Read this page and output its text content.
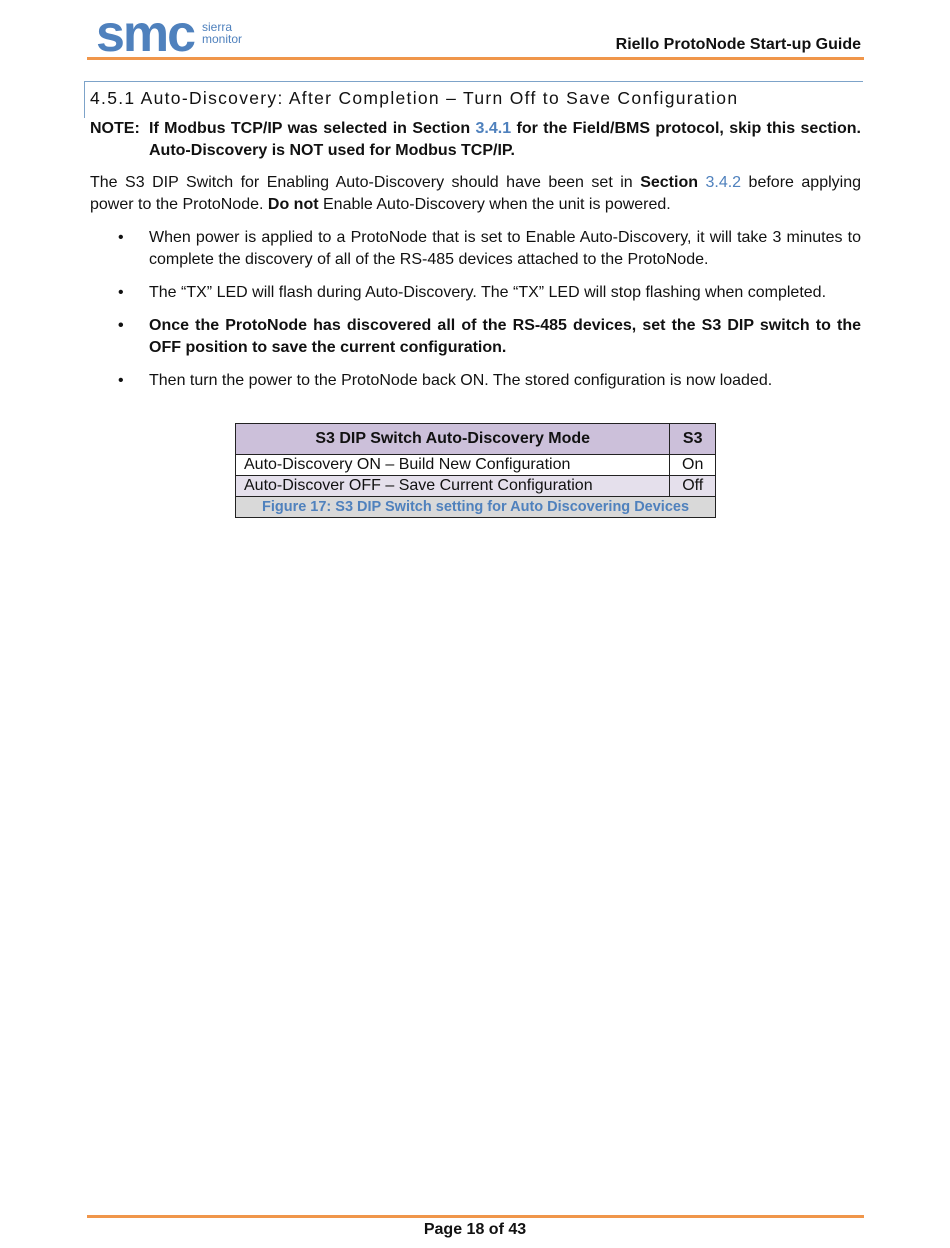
smc sierra
monitor	Riello ProtoNode Start-up Guide
4.5.1 Auto-Discovery: After Completion – Turn Off to Save Configuration
NOTE: If Modbus TCP/IP was selected in Section 3.4.1 for the Field/BMS protocol, skip this section. Auto-Discovery is NOT used for Modbus TCP/IP.
The S3 DIP Switch for Enabling Auto-Discovery should have been set in Section 3.4.2 before applying power to the ProtoNode. Do not Enable Auto-Discovery when the unit is powered.
• When power is applied to a ProtoNode that is set to Enable Auto-Discovery, it will take 3 minutes to complete the discovery of all of the RS-485 devices attached to the ProtoNode.
• The “TX” LED will flash during Auto-Discovery. The “TX” LED will stop flashing when completed.
• Once the ProtoNode has discovered all of the RS-485 devices, set the S3 DIP switch to the OFF position to save the current configuration.
• Then turn the power to the ProtoNode back ON. The stored configuration is now loaded.
S3 DIP Switch Auto-Discovery Mode	S3
Auto-Discovery ON – Build New Configuration	On
Auto-Discover OFF – Save Current Configuration	Off
Figure 17: S3 DIP Switch setting for Auto Discovering Devices	
Page 18 of 43
